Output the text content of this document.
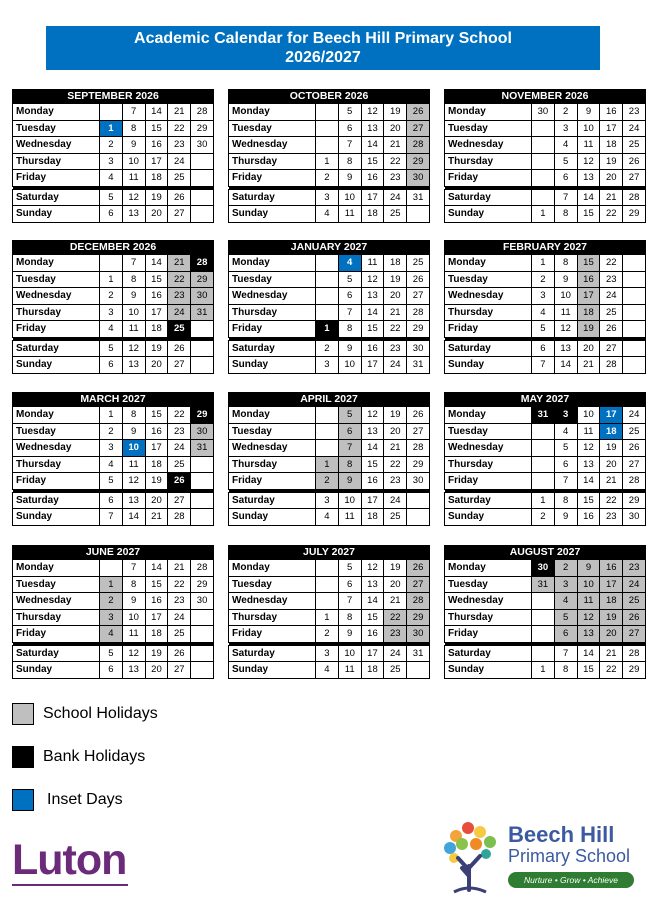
Academic Calendar for Beech Hill Primary School
2026/2027
SEPTEMBER 2026
Monday		7	14	21	28
Tuesday	1	8	15	22	29
Wednesday	2	9	16	23	30
Thursday	3	10	17	24	
Friday	4	11	18	25	

Saturday	5	12	19	26	
Sunday	6	13	20	27	
OCTOBER 2026
Monday		5	12	19	26
Tuesday		6	13	20	27
Wednesday		7	14	21	28
Thursday	1	8	15	22	29
Friday	2	9	16	23	30

Saturday	3	10	17	24	31
Sunday	4	11	18	25	
NOVEMBER 2026
Monday	30	2	9	16	23
Tuesday		3	10	17	24
Wednesday		4	11	18	25
Thursday		5	12	19	26
Friday		6	13	20	27

Saturday		7	14	21	28
Sunday	1	8	15	22	29
DECEMBER 2026
Monday		7	14	21	28
Tuesday	1	8	15	22	29
Wednesday	2	9	16	23	30
Thursday	3	10	17	24	31
Friday	4	11	18	25	

Saturday	5	12	19	26	
Sunday	6	13	20	27	
JANUARY 2027
Monday		4	11	18	25
Tuesday		5	12	19	26
Wednesday		6	13	20	27
Thursday		7	14	21	28
Friday	1	8	15	22	29

Saturday	2	9	16	23	30
Sunday	3	10	17	24	31
FEBRUARY 2027
Monday	1	8	15	22	
Tuesday	2	9	16	23	
Wednesday	3	10	17	24	
Thursday	4	11	18	25	
Friday	5	12	19	26	

Saturday	6	13	20	27	
Sunday	7	14	21	28	
MARCH 2027
Monday	1	8	15	22	29
Tuesday	2	9	16	23	30
Wednesday	3	10	17	24	31
Thursday	4	11	18	25	
Friday	5	12	19	26	

Saturday	6	13	20	27	
Sunday	7	14	21	28	
APRIL 2027
Monday		5	12	19	26
Tuesday		6	13	20	27
Wednesday		7	14	21	28
Thursday	1	8	15	22	29
Friday	2	9	16	23	30

Saturday	3	10	17	24	
Sunday	4	11	18	25	
MAY 2027
Monday	31	3	10	17	24
Tuesday		4	11	18	25
Wednesday		5	12	19	26
Thursday		6	13	20	27
Friday		7	14	21	28

Saturday	1	8	15	22	29
Sunday	2	9	16	23	30
JUNE 2027
Monday		7	14	21	28
Tuesday	1	8	15	22	29
Wednesday	2	9	16	23	30
Thursday	3	10	17	24	
Friday	4	11	18	25	

Saturday	5	12	19	26	
Sunday	6	13	20	27	
JULY 2027
Monday		5	12	19	26
Tuesday		6	13	20	27
Wednesday		7	14	21	28
Thursday	1	8	15	22	29
Friday	2	9	16	23	30

Saturday	3	10	17	24	31
Sunday	4	11	18	25	
AUGUST 2027
Monday	30	2	9	16	23
Tuesday	31	3	10	17	24
Wednesday		4	11	18	25
Thursday		5	12	19	26
Friday		6	13	20	27

Saturday		7	14	21	28
Sunday	1	8	15	22	29
School Holidays
Bank Holidays
Inset Days
Luton
Beech Hill
Primary School
Nurture • Grow • Achieve
